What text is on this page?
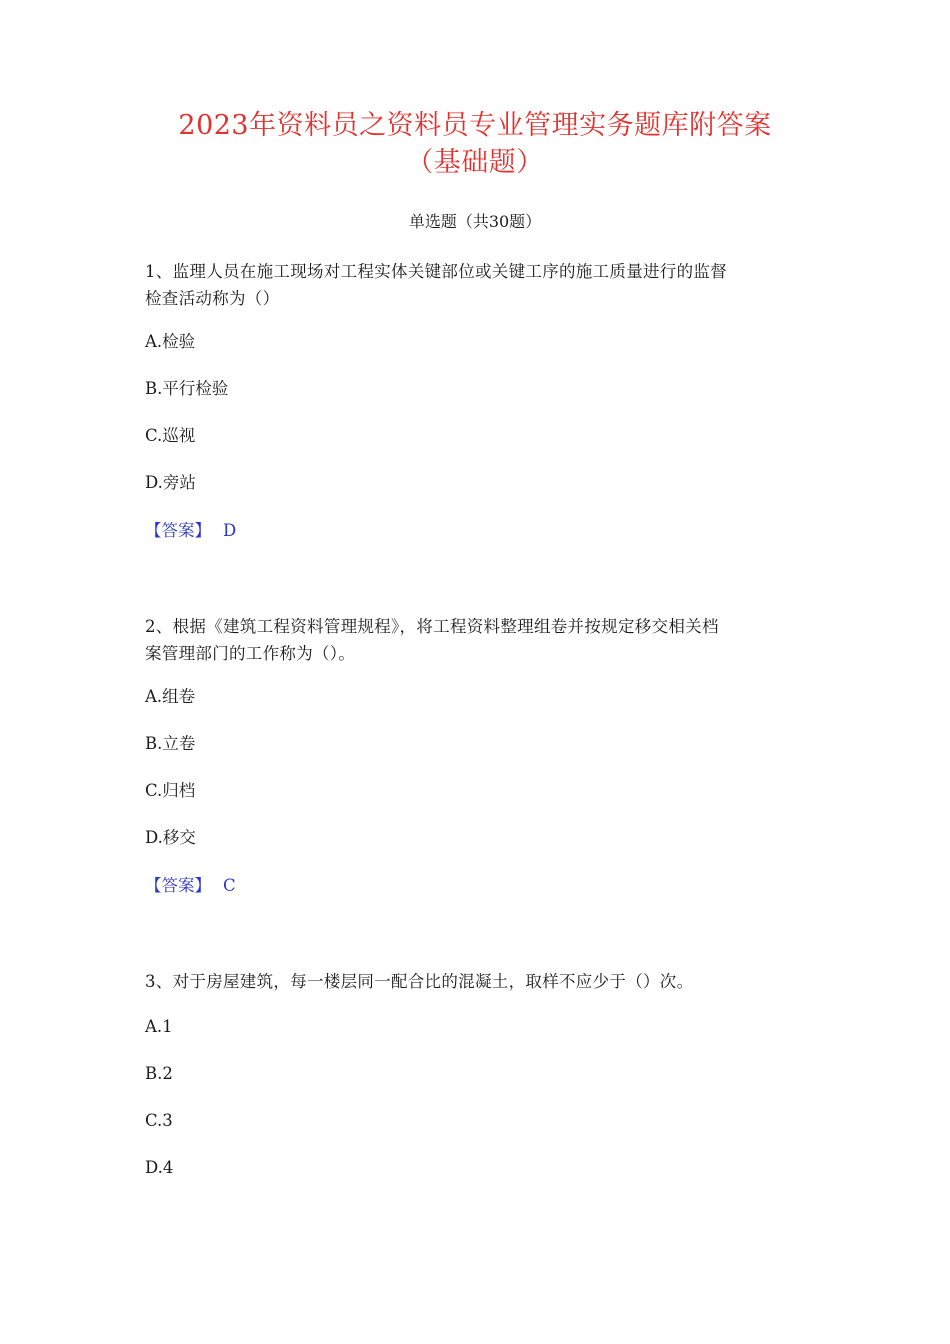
2023年资料员之资料员专业管理实务题库附答案
（基础题）
单选题（共30题）
1、监理人员在施工现场对工程实体关键部位或关键工序的施工质量进行的监督
检查活动称为（）
A.检验
B.平行检验
C.巡视
D.旁站
【答案】 D
2、根据《建筑工程资料管理规程》，将工程资料整理组卷并按规定移交相关档
案管理部门的工作称为（）。
A.组卷
B.立卷
C.归档
D.移交
【答案】 C
3、对于房屋建筑，每一楼层同一配合比的混凝土，取样不应少于（）次。
A.1
B.2
C.3
D.4
